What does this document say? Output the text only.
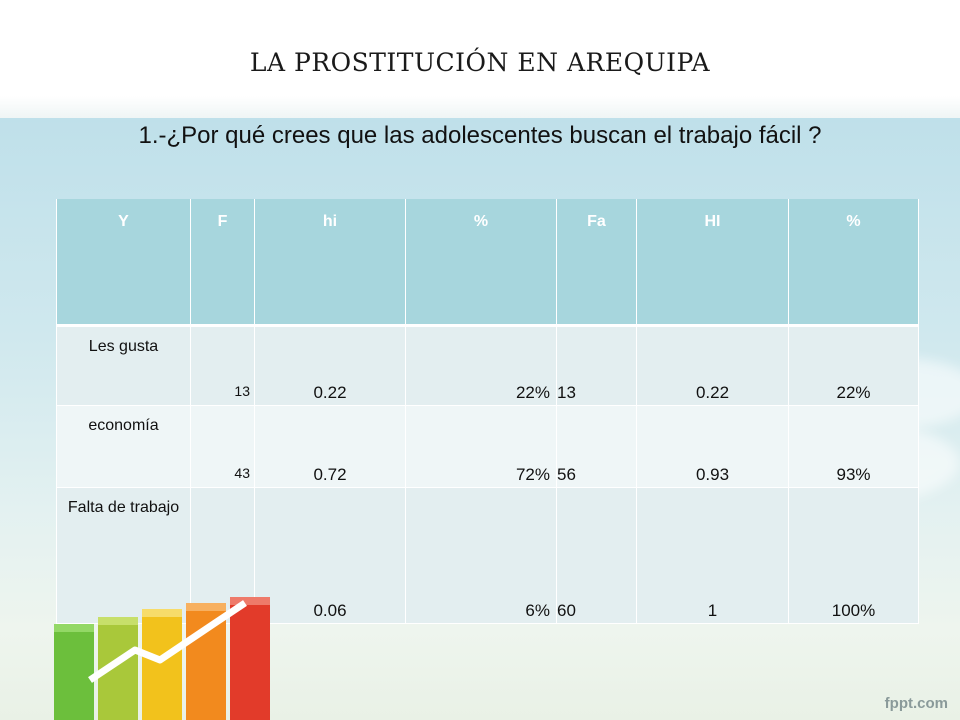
LA PROSTITUCIÓN EN AREQUIPA
1.-¿Por qué crees que las adolescentes buscan el trabajo fácil ?
Y	F	hi	%	Fa	HI	%
Les gusta	13	0.22	22%	13	0.22	22%
economía	43	0.72	72%	56	0.93	93%
Falta de trabajo		0.06	6%	60	1	100%
fppt.com
